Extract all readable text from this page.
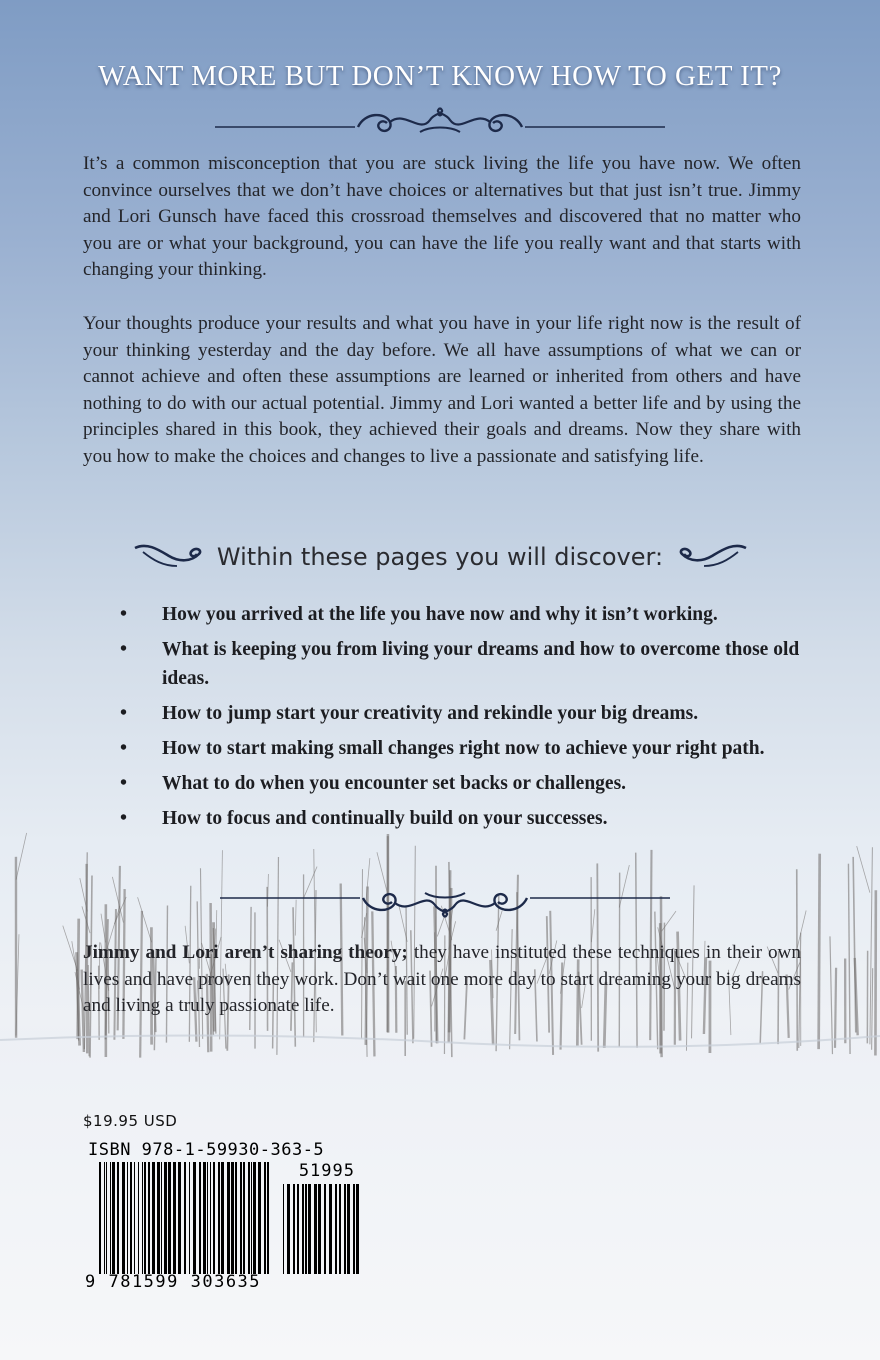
WANT MORE BUT DON’T KNOW HOW TO GET IT?

It’s a common misconception that you are stuck living the life you have now. We often convince ourselves that we don’t have choices or alternatives but that just isn’t true. Jimmy and Lori Gunsch have faced this crossroad themselves and discovered that no matter who you are or what your background, you can have the life you really want and that starts with changing your thinking.

Your thoughts produce your results and what you have in your life right now is the result of your thinking yesterday and the day before. We all have assumptions of what we can or cannot achieve and often these assumptions are learned or inherited from others and have nothing to do with our actual potential. Jimmy and Lori wanted a better life and by using the principles shared in this book, they achieved their goals and dreams. Now they share with you how to make the choices and changes to live a passionate and satisfying life.

Within these pages you will discover:
• How you arrived at the life you have now and why it isn’t working.
• What is keeping you from living your dreams and how to overcome those old ideas.
• How to jump start your creativity and rekindle your big dreams.
• How to start making small changes right now to achieve your right path.
• What to do when you encounter set backs or challenges.
• How to focus and continually build on your successes.

Jimmy and Lori aren’t sharing theory; they have instituted these techniques in their own lives and have proven they work. Don’t wait one more day to start dreaming your big dreams and living a truly passionate life.

$19.95 USD
ISBN 978-1-59930-363-5
51995
9 781599 303635
